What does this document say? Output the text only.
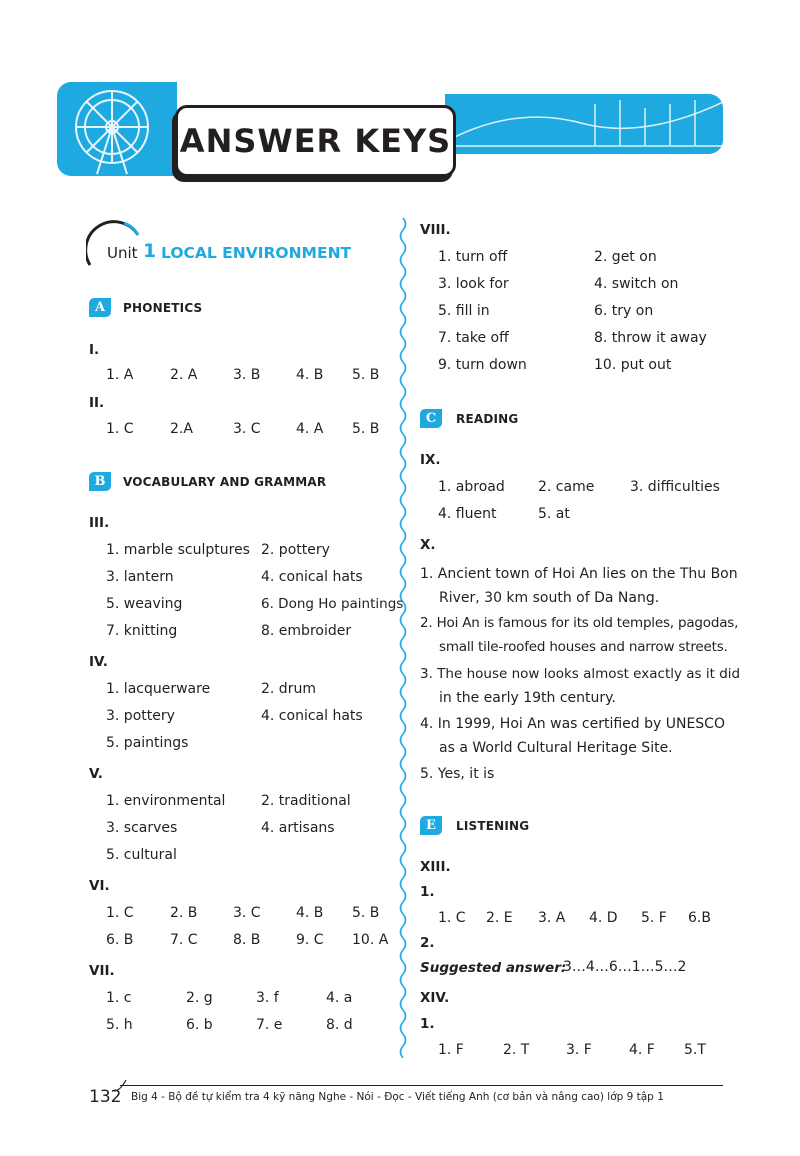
ANSWER KEYS
Unit 1 LOCAL ENVIRONMENT
A	PHONETICS
I.
1. A	2. A	3. B	4. B 5. B
II.
1. C	2.A	3. C	4. A 5. B
B	VOCABULARY AND GRAMMAR
III.
1. marble sculptures 2. pottery
3. lantern	4. conical hats
5. weaving	6. Dong Ho paintings
7. knitting	8. embroider
IV.
1. lacquerware	2. drum
3. pottery	4. conical hats
5. paintings
V.
1. environmental	2. traditional
3. scarves	4. artisans
5. cultural
VI.
1. C	2. B	3. C	4. B 5. B
6. B	7. C	8. B	9. C 10. A
VII.
1. c	2. g	3. f	4. a
5. h	6. b	7. e	8. d
VIII.
1. turn off	2. get on
3. look for	4. switch on
5. fill in	6. try on
7. take off	8. throw it away
9. turn down	10. put out
C	READING
IX.
1. abroad 2. came	3. difficulties
4. fluent	5. at
X.
1. Ancient town of Hoi An lies on the Thu Bon
River, 30 km south of Da Nang.
2. Hoi An is famous for its old temples, pagodas,
small tile-roofed houses and narrow streets.
3. The house now looks almost exactly as it did
in the early 19th century.
4. In 1999, Hoi An was certified by UNESCO
as a World Cultural Heritage Site.
5. Yes, it is
E	LISTENING
XIII.
1.
1. C 2. E 3. A 4. D 5. F 6.B
2.
Suggested answer:
3…4…6…1…5…2
XIV.
1.
1. F	2. T	3. F	4. F 5.T
132 Big 4 - Bộ đề tự kiểm tra 4 kỹ năng Nghe - Nói - Đọc - Viết tiếng Anh (cơ bản và nâng cao) lớp 9 tập 1
